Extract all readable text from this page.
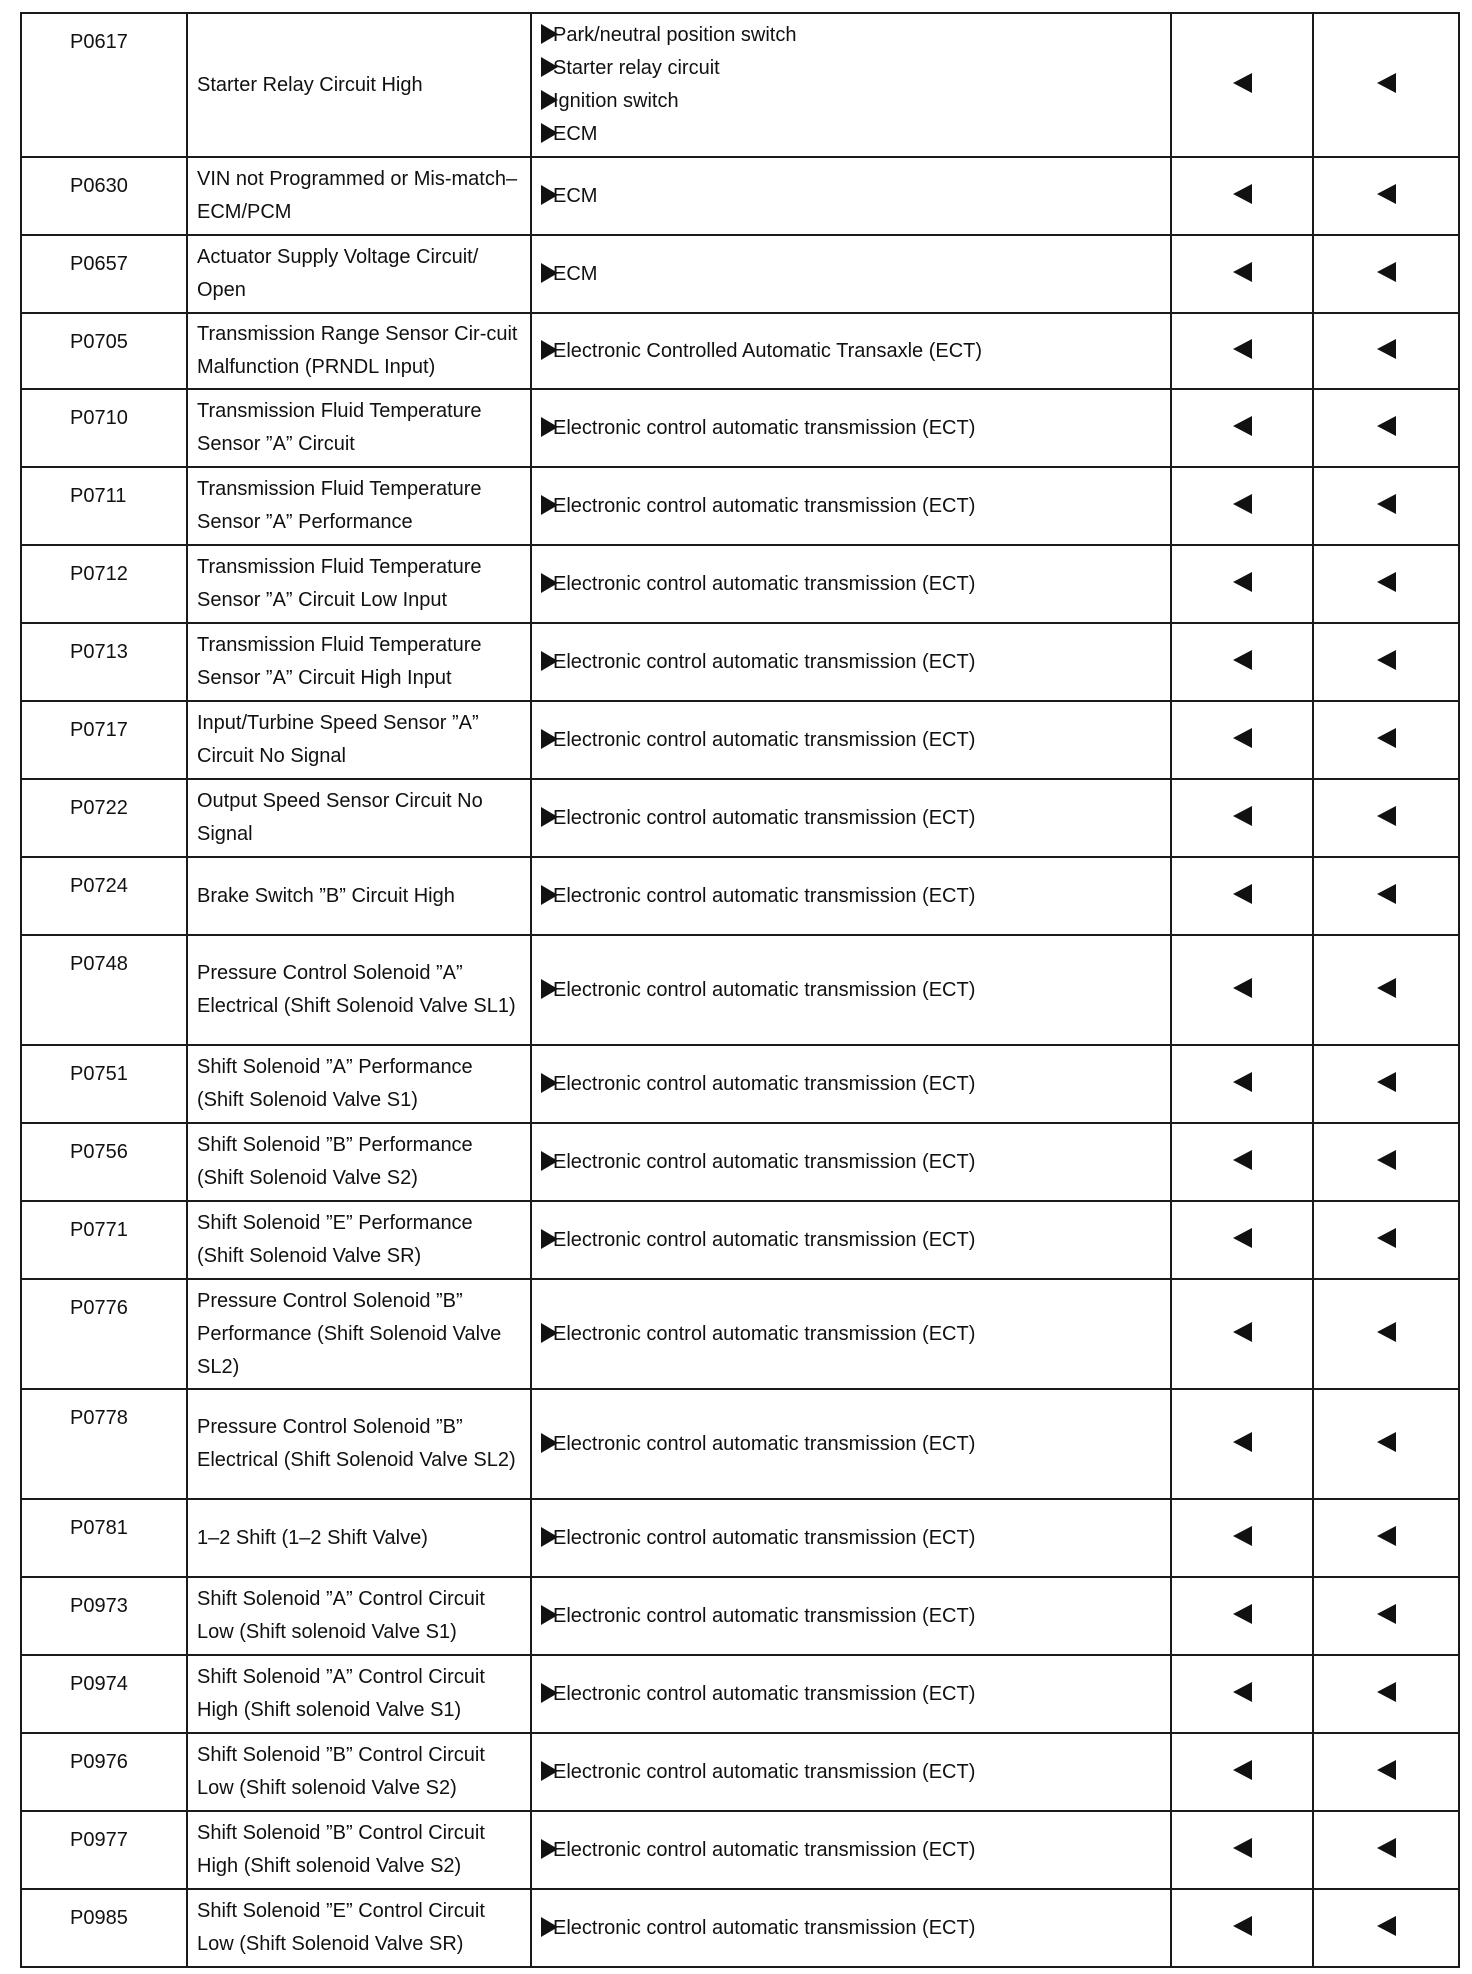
P0617	Starter Relay Circuit High	Park/neutral position switch
Starter relay circuit
Ignition switch
ECM		

P0630	VIN not Programmed or Mis-match–ECM/PCM	ECM		

P0657	Actuator Supply Voltage Circuit/ Open	ECM		

P0705	Transmission Range Sensor Cir-cuit Malfunction (PRNDL Input)	Electronic Controlled Automatic Transaxle (ECT)		

P0710	Transmission Fluid Temperature Sensor ”A” Circuit	Electronic control automatic transmission (ECT)		

P0711	Transmission Fluid Temperature Sensor ”A” Performance	Electronic control automatic transmission (ECT)		

P0712	Transmission Fluid Temperature Sensor ”A” Circuit Low Input	Electronic control automatic transmission (ECT)		

P0713	Transmission Fluid Temperature Sensor ”A” Circuit High Input	Electronic control automatic transmission (ECT)		

P0717	Input/Turbine Speed Sensor ”A” Circuit No Signal	Electronic control automatic transmission (ECT)		

P0722	Output Speed Sensor Circuit No Signal	Electronic control automatic transmission (ECT)		

P0724	Brake Switch ”B” Circuit High	Electronic control automatic transmission (ECT)		

P0748	Pressure Control Solenoid ”A” Electrical (Shift Solenoid Valve SL1)	Electronic control automatic transmission (ECT)		

P0751	Shift Solenoid ”A” Performance (Shift Solenoid Valve S1)	Electronic control automatic transmission (ECT)		

P0756	Shift Solenoid ”B” Performance (Shift Solenoid Valve S2)	Electronic control automatic transmission (ECT)		

P0771	Shift Solenoid ”E” Performance (Shift Solenoid Valve SR)	Electronic control automatic transmission (ECT)		

P0776	Pressure Control Solenoid ”B” Performance (Shift Solenoid Valve SL2)	Electronic control automatic transmission (ECT)		

P0778	Pressure Control Solenoid ”B” Electrical (Shift Solenoid Valve SL2)	Electronic control automatic transmission (ECT)		

P0781	1–2 Shift (1–2 Shift Valve)	Electronic control automatic transmission (ECT)		

P0973	Shift Solenoid ”A” Control Circuit Low (Shift solenoid Valve S1)	Electronic control automatic transmission (ECT)		

P0974	Shift Solenoid ”A” Control Circuit High (Shift solenoid Valve S1)	Electronic control automatic transmission (ECT)		

P0976	Shift Solenoid ”B” Control Circuit Low (Shift solenoid Valve S2)	Electronic control automatic transmission (ECT)		

P0977	Shift Solenoid ”B” Control Circuit High (Shift solenoid Valve S2)	Electronic control automatic transmission (ECT)		

P0985	Shift Solenoid ”E” Control Circuit Low (Shift Solenoid Valve SR)	Electronic control automatic transmission (ECT)		
